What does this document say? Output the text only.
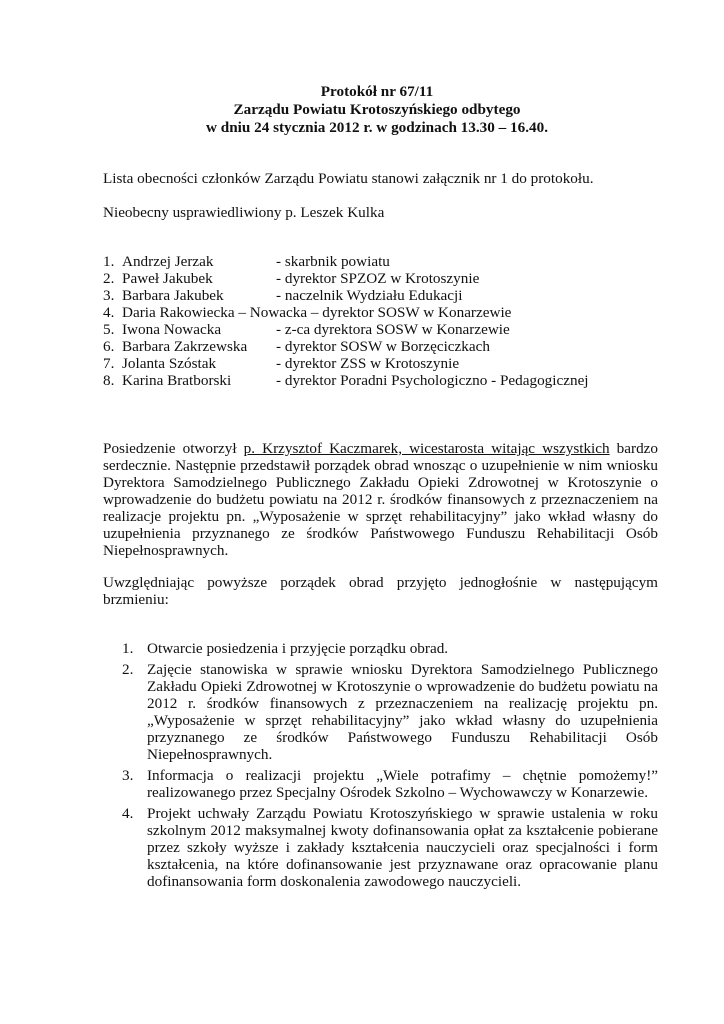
Protokół nr 67/11
Zarządu Powiatu Krotoszyńskiego odbytego
w dniu 24 stycznia 2012 r. w godzinach 13.30 – 16.40.
Lista obecności członków Zarządu Powiatu stanowi załącznik nr 1 do protokołu.
Nieobecny usprawiedliwiony p. Leszek Kulka
1. Andrzej Jerzak	- skarbnik powiatu
2. Paweł Jakubek	- dyrektor SPZOZ w Krotoszynie
3. Barbara Jakubek	- naczelnik Wydziału Edukacji
4. Daria Rakowiecka – Nowacka – dyrektor SOSW w Konarzewie
5. Iwona Nowacka	- z-ca dyrektora SOSW w Konarzewie
6. Barbara Zakrzewska - dyrektor SOSW w Borzęciczkach
7. Jolanta Szóstak	- dyrektor ZSS w Krotoszynie
8. Karina Bratborski	- dyrektor Poradni Psychologiczno - Pedagogicznej
Posiedzenie otworzył p. Krzysztof Kaczmarek, wicestarosta witając wszystkich bardzo serdecznie. Następnie przedstawił porządek obrad wnosząc o uzupełnienie w nim wniosku Dyrektora Samodzielnego Publicznego Zakładu Opieki Zdrowotnej w Krotoszynie o wprowadzenie do budżetu powiatu na 2012 r. środków finansowych z przeznaczeniem na realizacje projektu pn. „Wyposażenie w sprzęt rehabilitacyjny” jako wkład własny do uzupełnienia przyznanego ze środków Państwowego Funduszu Rehabilitacji Osób Niepełnosprawnych.
Uwzględniając powyższe porządek obrad przyjęto jednogłośnie w następującym brzmieniu:
1. Otwarcie posiedzenia i przyjęcie porządku obrad.
2. Zajęcie stanowiska w sprawie wniosku Dyrektora Samodzielnego Publicznego Zakładu Opieki Zdrowotnej w Krotoszynie o wprowadzenie do budżetu powiatu na 2012 r. środków finansowych z przeznaczeniem na realizację projektu pn. „Wyposażenie w sprzęt rehabilitacyjny” jako wkład własny do uzupełnienia przyznanego ze środków Państwowego Funduszu Rehabilitacji Osób Niepełnosprawnych.
3. Informacja o realizacji projektu „Wiele potrafimy – chętnie pomożemy!” realizowanego przez Specjalny Ośrodek Szkolno – Wychowawczy w Konarzewie.
4. Projekt uchwały Zarządu Powiatu Krotoszyńskiego w sprawie ustalenia w roku szkolnym 2012 maksymalnej kwoty dofinansowania opłat za kształcenie pobierane przez szkoły wyższe i zakłady kształcenia nauczycieli oraz specjalności i form kształcenia, na które dofinansowanie jest przyznawane oraz opracowanie planu dofinansowania form doskonalenia zawodowego nauczycieli.
